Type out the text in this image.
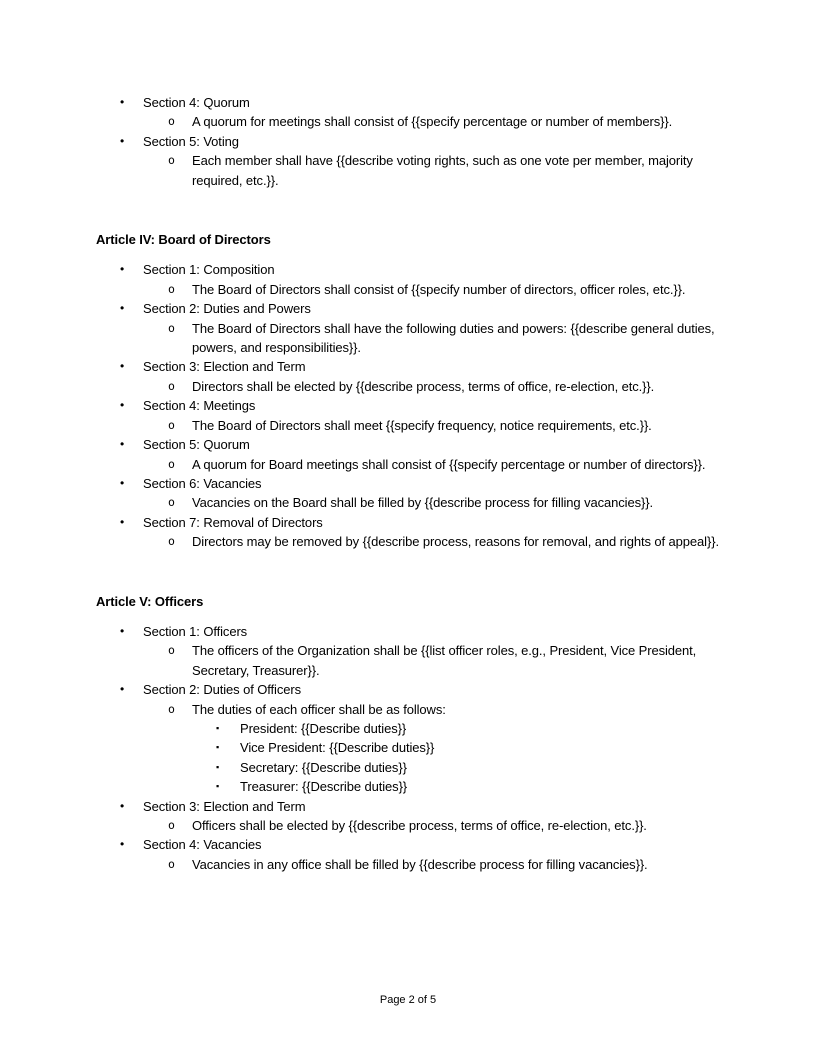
• Section 4: Quorum
o A quorum for meetings shall consist of {{specify percentage or number of members}}.
• Section 5: Voting
o Each member shall have {{describe voting rights, such as one vote per member, majority required, etc.}}.
Article IV: Board of Directors
• Section 1: Composition
o The Board of Directors shall consist of {{specify number of directors, officer roles, etc.}}.
• Section 2: Duties and Powers
o The Board of Directors shall have the following duties and powers: {{describe general duties, powers, and responsibilities}}.
• Section 3: Election and Term
o Directors shall be elected by {{describe process, terms of office, re-election, etc.}}.
• Section 4: Meetings
o The Board of Directors shall meet {{specify frequency, notice requirements, etc.}}.
• Section 5: Quorum
o A quorum for Board meetings shall consist of {{specify percentage or number of directors}}.
• Section 6: Vacancies
o Vacancies on the Board shall be filled by {{describe process for filling vacancies}}.
• Section 7: Removal of Directors
o Directors may be removed by {{describe process, reasons for removal, and rights of appeal}}.
Article V: Officers
• Section 1: Officers
o The officers of the Organization shall be {{list officer roles, e.g., President, Vice President, Secretary, Treasurer}}.
• Section 2: Duties of Officers
o The duties of each officer shall be as follows:
▪ President: {{Describe duties}}
▪ Vice President: {{Describe duties}}
▪ Secretary: {{Describe duties}}
▪ Treasurer: {{Describe duties}}
• Section 3: Election and Term
o Officers shall be elected by {{describe process, terms of office, re-election, etc.}}.
• Section 4: Vacancies
o Vacancies in any office shall be filled by {{describe process for filling vacancies}}.
Page 2 of 5
